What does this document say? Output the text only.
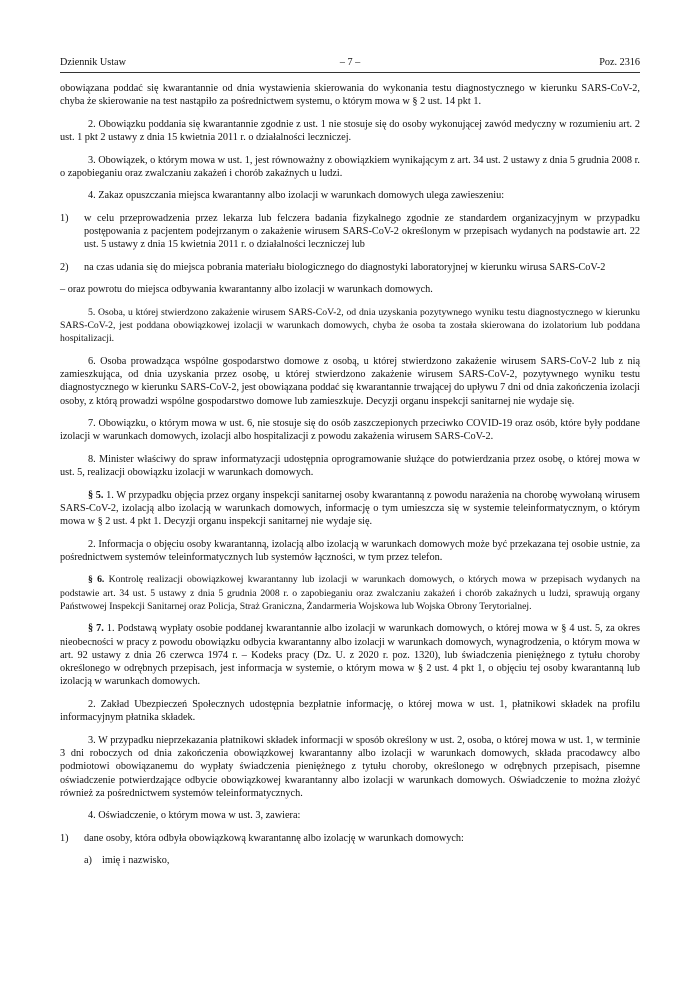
Dziennik Ustaw	– 7 –	Poz. 2316

obowiązana poddać się kwarantannie od dnia wystawienia skierowania do wykonania testu diagnostycznego w kierunku SARS-CoV-2, chyba że skierowanie na test nastąpiło za pośrednictwem systemu, o którym mowa w § 2 ust. 14 pkt 1.

2. Obowiązku poddania się kwarantannie zgodnie z ust. 1 nie stosuje się do osoby wykonującej zawód medyczny w rozumieniu art. 2 ust. 1 pkt 2 ustawy z dnia 15 kwietnia 2011 r. o działalności leczniczej.

3. Obowiązek, o którym mowa w ust. 1, jest równoważny z obowiązkiem wynikającym z art. 34 ust. 2 ustawy z dnia 5 grudnia 2008 r. o zapobieganiu oraz zwalczaniu zakażeń i chorób zakaźnych u ludzi.

4. Zakaz opuszczania miejsca kwarantanny albo izolacji w warunkach domowych ulega zawieszeniu:

1) w celu przeprowadzenia przez lekarza lub felczera badania fizykalnego zgodnie ze standardem organizacyjnym w przypadku postępowania z pacjentem podejrzanym o zakażenie wirusem SARS-CoV-2 określonym w przepisach wydanych na podstawie art. 22 ust. 5 ustawy z dnia 15 kwietnia 2011 r. o działalności leczniczej lub
2) na czas udania się do miejsca pobrania materiału biologicznego do diagnostyki laboratoryjnej w kierunku wirusa SARS-CoV-2

– oraz powrotu do miejsca odbywania kwarantanny albo izolacji w warunkach domowych.

5. Osoba, u której stwierdzono zakażenie wirusem SARS-CoV-2, od dnia uzyskania pozytywnego wyniku testu diagnostycznego w kierunku SARS-CoV-2, jest poddana obowiązkowej izolacji w warunkach domowych, chyba że osoba ta została skierowana do izolatorium lub poddana hospitalizacji.

6. Osoba prowadząca wspólne gospodarstwo domowe z osobą, u której stwierdzono zakażenie wirusem SARS-CoV-2 lub z nią zamieszkująca, od dnia uzyskania przez osobę, u której stwierdzono zakażenie wirusem SARS-CoV-2, pozytywnego wyniku testu diagnostycznego w kierunku SARS-CoV-2, jest obowiązana poddać się kwarantannie trwającej do upływu 7 dni od dnia zakończenia izolacji osoby, z którą prowadzi wspólne gospodarstwo domowe lub zamieszkuje. Decyzji organu inspekcji sanitarnej nie wydaje się.

7. Obowiązku, o którym mowa w ust. 6, nie stosuje się do osób zaszczepionych przeciwko COVID-19 oraz osób, które były poddane izolacji w warunkach domowych, izolacji albo hospitalizacji z powodu zakażenia wirusem SARS-CoV-2.

8. Minister właściwy do spraw informatyzacji udostępnia oprogramowanie służące do potwierdzania przez osobę, o której mowa w ust. 5, realizacji obowiązku izolacji w warunkach domowych.

§ 5. 1. W przypadku objęcia przez organy inspekcji sanitarnej osoby kwarantanną z powodu narażenia na chorobę wywołaną wirusem SARS-CoV-2, izolacją albo izolacją w warunkach domowych, informację o tym umieszcza się w systemie teleinformatycznym, o którym mowa w § 2 ust. 4 pkt 1. Decyzji organu inspekcji sanitarnej nie wydaje się.

2. Informacja o objęciu osoby kwarantanną, izolacją albo izolacją w warunkach domowych może być przekazana tej osobie ustnie, za pośrednictwem systemów teleinformatycznych lub systemów łączności, w tym przez telefon.

§ 6. Kontrolę realizacji obowiązkowej kwarantanny lub izolacji w warunkach domowych, o których mowa w przepisach wydanych na podstawie art. 34 ust. 5 ustawy z dnia 5 grudnia 2008 r. o zapobieganiu oraz zwalczaniu zakażeń i chorób zakaźnych u ludzi, sprawują organy Państwowej Inspekcji Sanitarnej oraz Policja, Straż Graniczna, Żandarmeria Wojskowa lub Wojska Obrony Terytorialnej.

§ 7. 1. Podstawą wypłaty osobie poddanej kwarantannie albo izolacji w warunkach domowych, o której mowa w § 4 ust. 5, za okres nieobecności w pracy z powodu obowiązku odbycia kwarantanny albo izolacji w warunkach domowych, wynagrodzenia, o którym mowa w art. 92 ustawy z dnia 26 czerwca 1974 r. – Kodeks pracy (Dz. U. z 2020 r. poz. 1320), lub świadczenia pieniężnego z tytułu choroby określonego w odrębnych przepisach, jest informacja w systemie, o którym mowa w § 2 ust. 4 pkt 1, o objęciu tej osoby kwarantanną lub izolacją w warunkach domowych.

2. Zakład Ubezpieczeń Społecznych udostępnia bezpłatnie informację, o której mowa w ust. 1, płatnikowi składek na profilu informacyjnym płatnika składek.

3. W przypadku nieprzekazania płatnikowi składek informacji w sposób określony w ust. 2, osoba, o której mowa w ust. 1, w terminie 3 dni roboczych od dnia zakończenia obowiązkowej kwarantanny albo izolacji w warunkach domowych, składa pracodawcy albo podmiotowi obowiązanemu do wypłaty świadczenia pieniężnego z tytułu choroby, określonego w odrębnych przepisach, pisemne oświadczenie potwierdzające odbycie obowiązkowej kwarantanny albo izolacji w warunkach domowych. Oświadczenie to można złożyć również za pośrednictwem systemów teleinformatycznych.

4. Oświadczenie, o którym mowa w ust. 3, zawiera:

1) dane osoby, która odbyła obowiązkową kwarantannę albo izolację w warunkach domowych:
a) imię i nazwisko,
